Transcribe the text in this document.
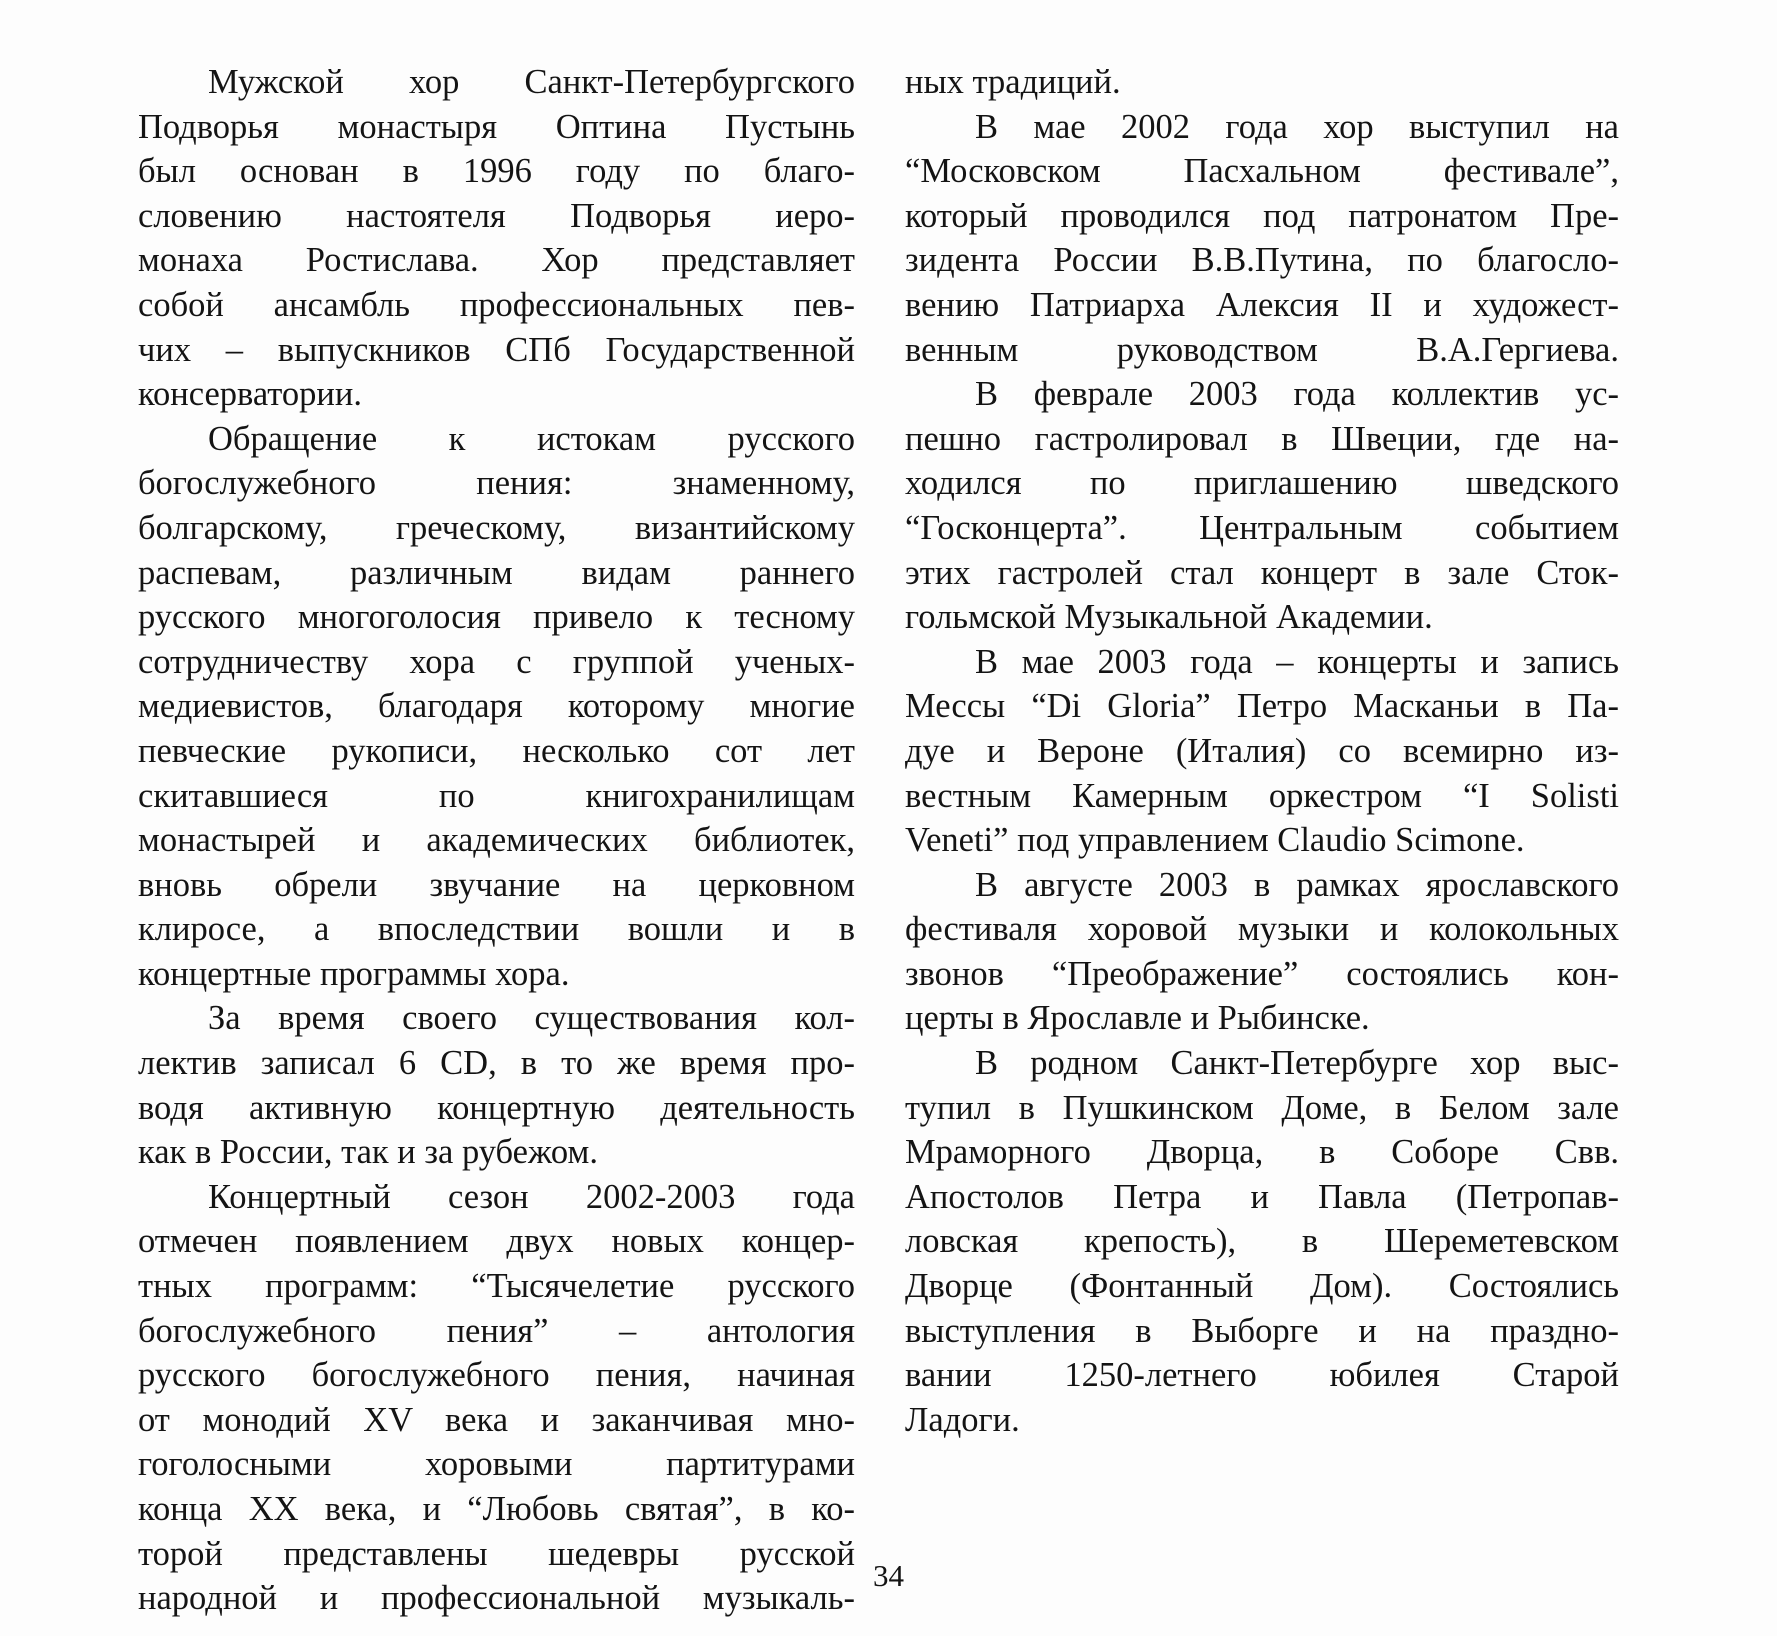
Мужской хор Санкт-Петербургского
Подворья монастыря Оптина Пустынь
был основан в 1996 году по благо-
словению настоятеля Подворья иеро-
монаха Ростислава. Хор представляет
собой ансамбль профессиональных пев-
чих – выпускников СПб Государственной
консерватории.
Обращение к истокам русского
богослужебного пения: знаменному,
болгарскому, греческому, византийскому
распевам, различным видам раннего
русского многоголосия привело к тесному
сотрудничеству хора с группой ученых-
медиевистов, благодаря которому многие
певческие рукописи, несколько сот лет
скитавшиеся по книгохранилищам
монастырей и академических библиотек,
вновь обрели звучание на церковном
клиросе, а впоследствии вошли и в
концертные программы хора.
За время своего существования кол-
лектив записал 6 CD, в то же время про-
водя активную концертную деятельность
как в России, так и за рубежом.
Концертный сезон 2002-2003 года
отмечен появлением двух новых концер-
тных программ: “Тысячелетие русского
богослужебного пения” – антология
русского богослужебного пения, начиная
от монодий XV века и заканчивая мно-
гоголосными хоровыми партитурами
конца XX века, и “Любовь святая”, в ко-
торой представлены шедевры русской
народной и профессиональной музыкаль-
ных традиций.
В мае 2002 года хор выступил на
“Московском Пасхальном фестивале”,
который проводился под патронатом Пре-
зидента России В.В.Путина, по благосло-
вению Патриарха Алексия II и художест-
венным руководством В.А.Гергиева.
В феврале 2003 года коллектив ус-
пешно гастролировал в Швеции, где на-
ходился по приглашению шведского
“Госконцерта”. Центральным событием
этих гастролей стал концерт в зале Сток-
гольмской Музыкальной Академии.
В мае 2003 года – концерты и запись
Мессы “Di Gloria” Петро Масканьи в Па-
дуе и Вероне (Италия) со всемирно из-
вестным Камерным оркестром “I Solisti
Veneti” под управлением Claudio Scimone.
В августе 2003 в рамках ярославского
фестиваля хоровой музыки и колокольных
звонов “Преображение” состоялись кон-
церты в Ярославле и Рыбинске.
В родном Санкт-Петербурге хор выс-
тупил в Пушкинском Доме, в Белом зале
Мраморного Дворца, в Соборе Свв.
Апостолов Петра и Павла (Петропав-
ловская крепость), в Шереметевском
Дворце (Фонтанный Дом). Состоялись
выступления в Выборге и на праздно-
вании 1250-летнего юбилея Старой
Ладоги.
34
